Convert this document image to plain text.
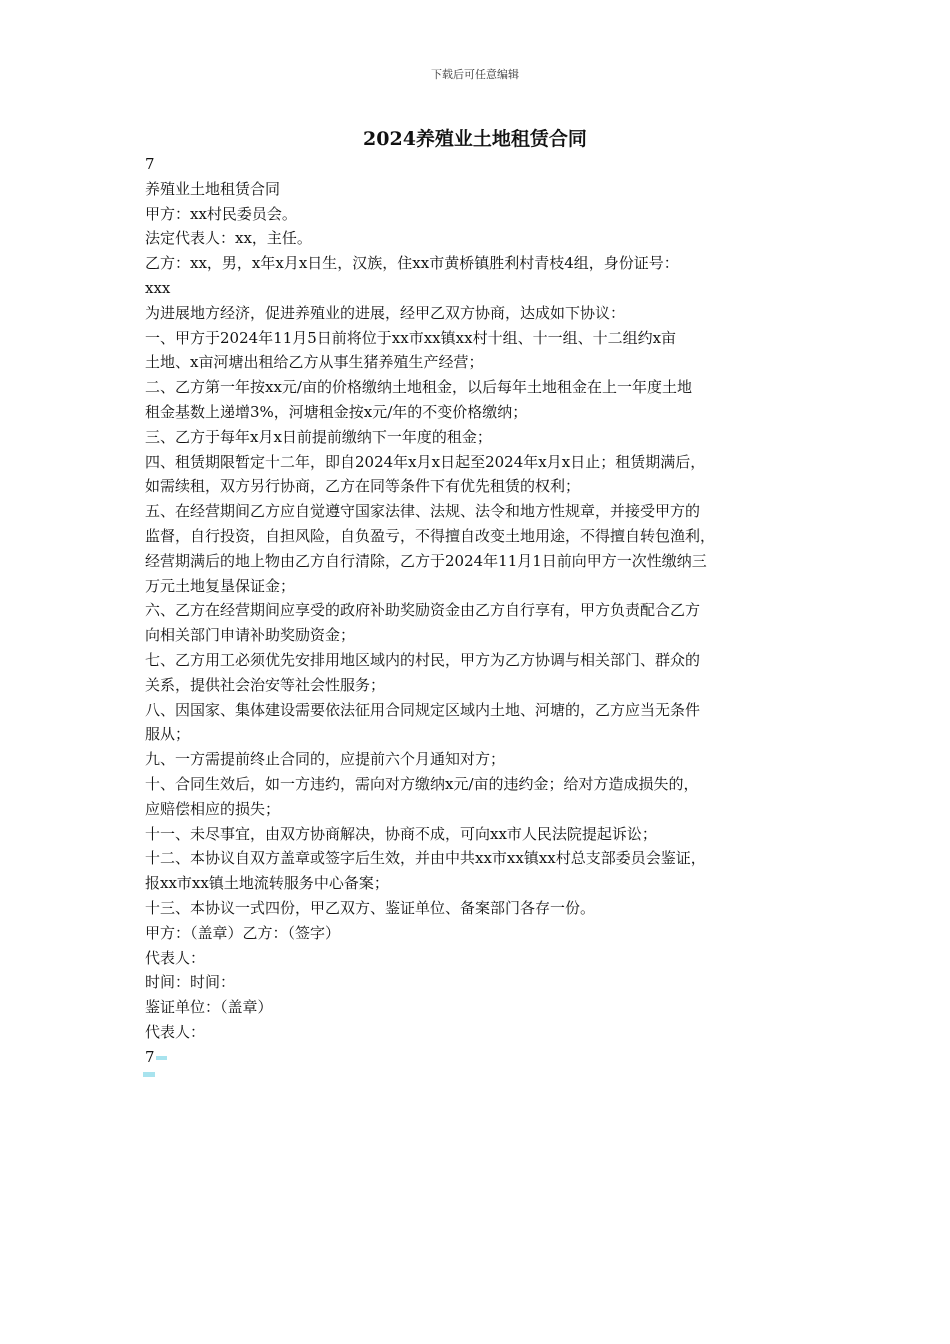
下载后可任意编辑
2024养殖业土地租赁合同
7
养殖业土地租赁合同
甲方：xx村民委员会。
法定代表人：xx，主任。
乙方：xx，男，x年x月x日生，汉族，住xx市黄桥镇胜利村青枝4组，身份证号：
xxx
为进展地方经济，促进养殖业的进展，经甲乙双方协商，达成如下协议：
一、甲方于2024年11月5日前将位于xx市xx镇xx村十组、十一组、十二组约x亩
土地、x亩河塘出租给乙方从事生猪养殖生产经营；
二、乙方第一年按xx元/亩的价格缴纳土地租金，以后每年土地租金在上一年度土地
租金基数上递增3%，河塘租金按x元/年的不变价格缴纳；
三、乙方于每年x月x日前提前缴纳下一年度的租金；
四、租赁期限暂定十二年，即自2024年x月x日起至2024年x月x日止；租赁期满后，
如需续租，双方另行协商，乙方在同等条件下有优先租赁的权利；
五、在经营期间乙方应自觉遵守国家法律、法规、法令和地方性规章，并接受甲方的
监督，自行投资，自担风险，自负盈亏，不得擅自改变土地用途，不得擅自转包渔利，
经营期满后的地上物由乙方自行清除，乙方于2024年11月1日前向甲方一次性缴纳三
万元土地复垦保证金；
六、乙方在经营期间应享受的政府补助奖励资金由乙方自行享有，甲方负责配合乙方
向相关部门申请补助奖励资金；
七、乙方用工必须优先安排用地区域内的村民，甲方为乙方协调与相关部门、群众的
关系，提供社会治安等社会性服务；
八、因国家、集体建设需要依法征用合同规定区域内土地、河塘的，乙方应当无条件
服从；
九、一方需提前终止合同的，应提前六个月通知对方；
十、合同生效后，如一方违约，需向对方缴纳x元/亩的违约金；给对方造成损失的，
应赔偿相应的损失；
十一、未尽事宜，由双方协商解决，协商不成，可向xx市人民法院提起诉讼；
十二、本协议自双方盖章或签字后生效，并由中共xx市xx镇xx村总支部委员会鉴证，
报xx市xx镇土地流转服务中心备案；
十三、本协议一式四份，甲乙双方、鉴证单位、备案部门各存一份。
甲方：（盖章）乙方：（签字）
代表人：
时间：时间：
鉴证单位：（盖章）
代表人：
7
